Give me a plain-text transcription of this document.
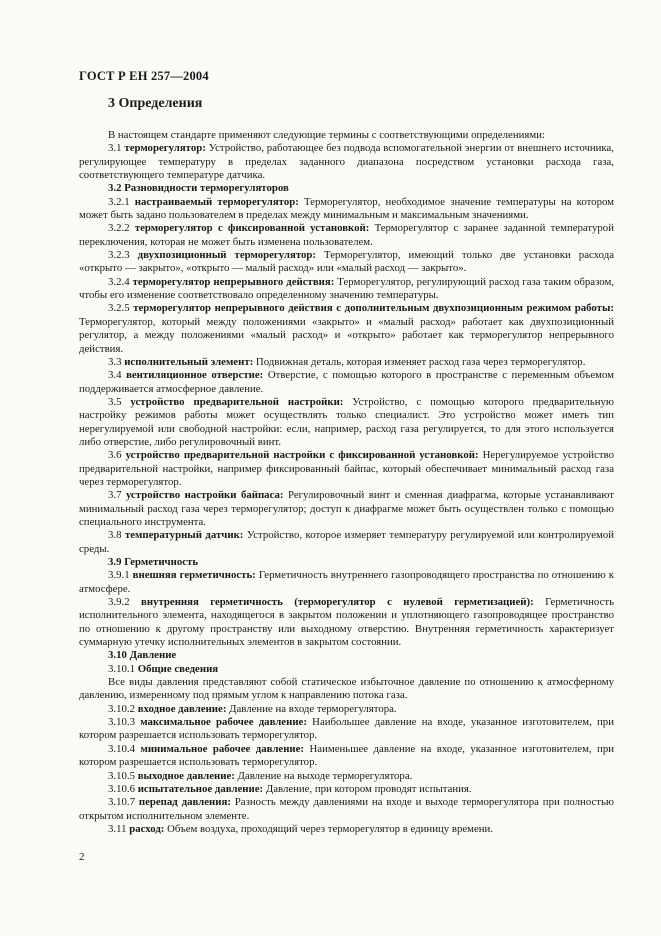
ГОСТ Р ЕН 257—2004
3 Определения

В настоящем стандарте применяют следующие термины с соответствующими определениями:

3.1 терморегулятор: Устройство, работающее без подвода вспомогательной энергии от внешнего источника, регулирующее температуру в пределах заданного диапазона посредством установки расхода газа, соответствующего температуре датчика.

3.2 Разновидности терморегуляторов

3.2.1 настраиваемый терморегулятор: Терморегулятор, необходимое значение температуры на котором может быть задано пользователем в пределах между минимальным и максимальным значениями.

3.2.2 терморегулятор с фиксированной установкой: Терморегулятор с заранее заданной температурой переключения, которая не может быть изменена пользователем.

3.2.3 двухпозиционный терморегулятор: Терморегулятор, имеющий только две установки расхода «открыто — закрыто», «открыто — малый расход» или «малый расход — закрыто».

3.2.4 терморегулятор непрерывного действия: Терморегулятор, регулирующий расход газа таким образом, чтобы его изменение соответствовало определенному значению температуры.

3.2.5 терморегулятор непрерывного действия с дополнительным двухпозиционным режимом работы: Терморегулятор, который между положениями «закрыто» и «малый расход» работает как двухпозиционный регулятор, а между положениями «малый расход» и «открыто» работает как терморегулятор непрерывного действия.

3.3 исполнительный элемент: Подвижная деталь, которая изменяет расход газа через терморегулятор.

3.4 вентиляционное отверстие: Отверстие, с помощью которого в пространстве с переменным объемом поддерживается атмосферное давление.

3.5 устройство предварительной настройки: Устройство, с помощью которого предварительную настройку режимов работы может осуществлять только специалист. Это устройство может иметь тип нерегулируемой или свободной настройки: если, например, расход газа регулируется, то для этого используется либо отверстие, либо регулировочный винт.

3.6 устройство предварительной настройки с фиксированной установкой: Нерегулируемое устройство предварительной настройки, например фиксированный байпас, который обеспечивает минимальный расход газа через терморегулятор.

3.7 устройство настройки байпаса: Регулировочный винт и сменная диафрагма, которые устанавливают минимальный расход газа через терморегулятор; доступ к диафрагме может быть осуществлен только с помощью специального инструмента.

3.8 температурный датчик: Устройство, которое измеряет температуру регулируемой или контролируемой среды.

3.9 Герметичность

3.9.1 внешняя герметичность: Герметичность внутреннего газопроводящего пространства по отношению к атмосфере.

3.9.2 внутренняя герметичность (терморегулятор с нулевой герметизацией): Герметичность исполнительного элемента, находящегося в закрытом положении и уплотняющего газопроводящее пространство по отношению к другому пространству или выходному отверстию. Внутренняя герметичность характеризует суммарную утечку исполнительных элементов в закрытом состоянии.

3.10 Давление

3.10.1 Общие сведения

Все виды давления представляют собой статическое избыточное давление по отношению к атмосферному давлению, измеренному под прямым углом к направлению потока газа.

3.10.2 входное давление: Давление на входе терморегулятора.

3.10.3 максимальное рабочее давление: Наибольшее давление на входе, указанное изготовителем, при котором разрешается использовать терморегулятор.

3.10.4 минимальное рабочее давление: Наименьшее давление на входе, указанное изготовителем, при котором разрешается использовать терморегулятор.

3.10.5 выходное давление: Давление на выходе терморегулятора.

3.10.6 испытательное давление: Давление, при котором проводят испытания.

3.10.7 перепад давления: Разность между давлениями на входе и выходе терморегулятора при полностью открытом исполнительном элементе.

3.11 расход: Объем воздуха, проходящий через терморегулятор в единицу времени.

2
